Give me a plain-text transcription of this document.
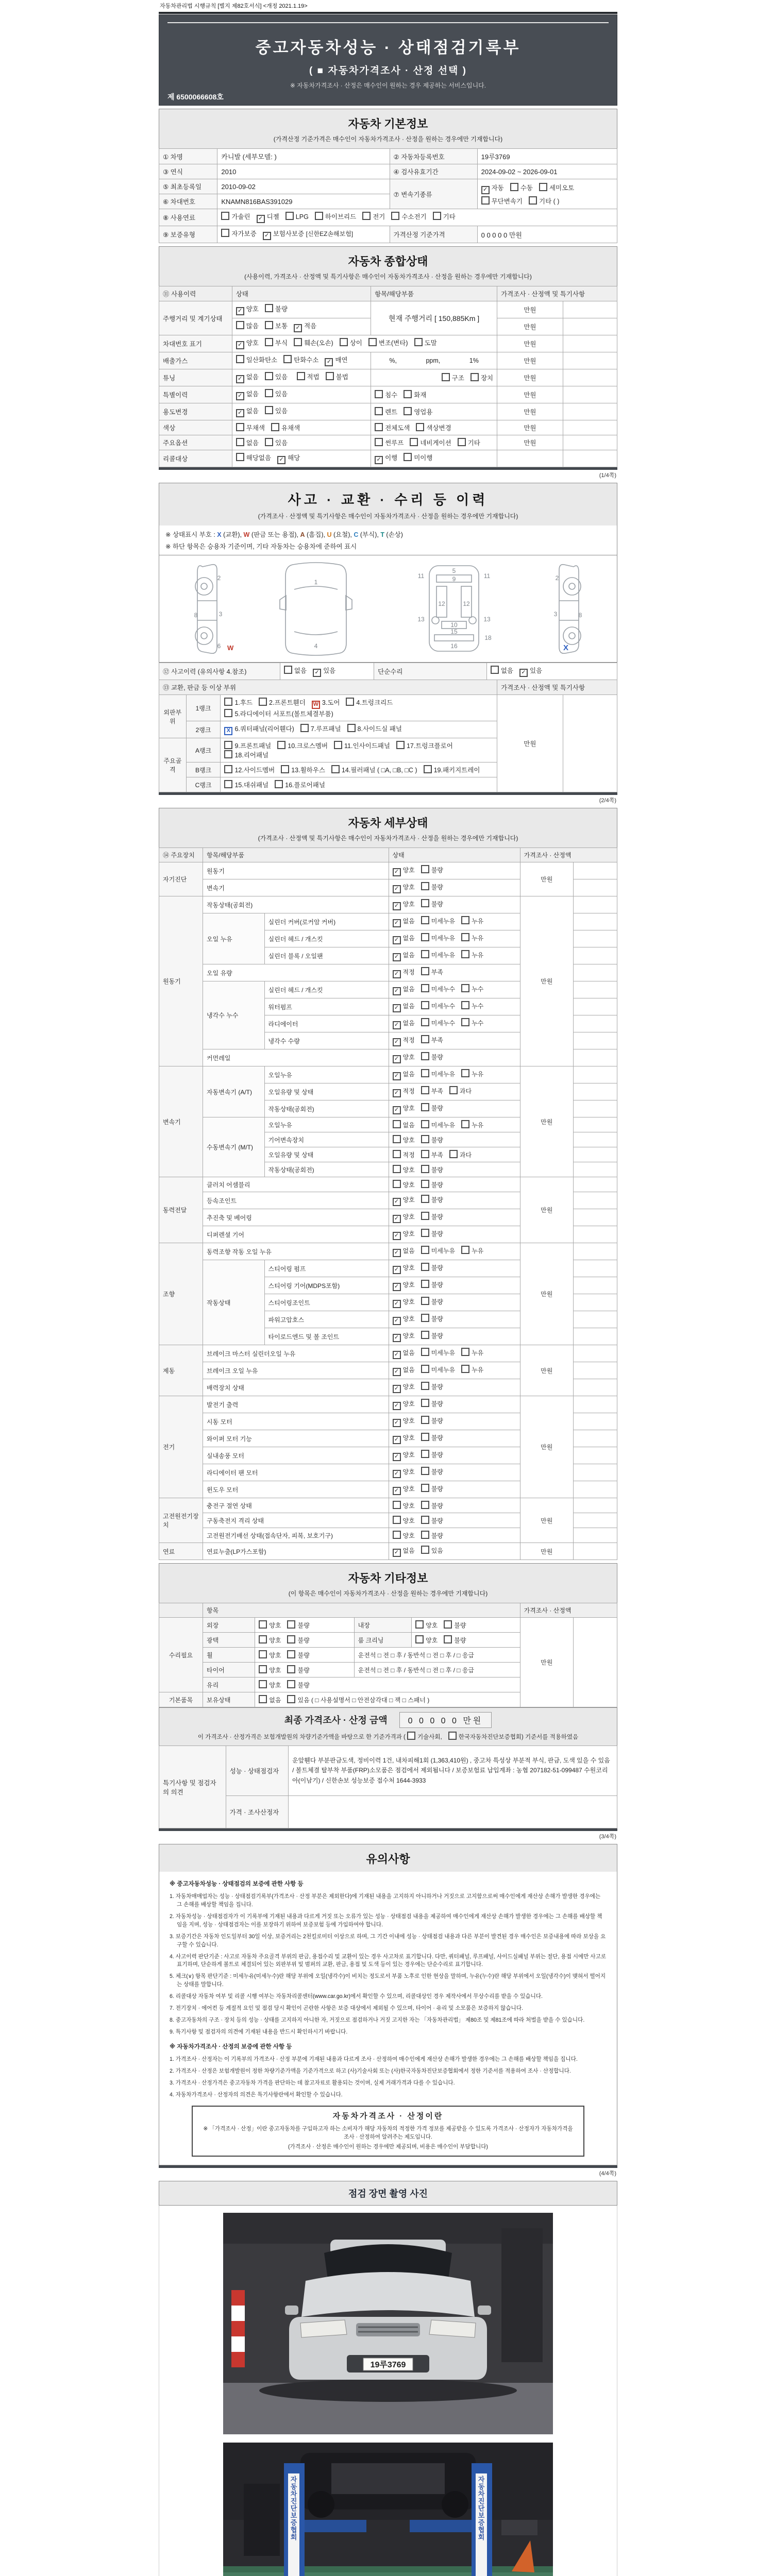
자동차관리법 시행규칙 [별지 제82호서식] <개정 2021.1.19>
중고자동차성능 · 상태점검기록부
( ■ 자동차가격조사 · 산정 선택 )
※ 자동차가격조사 · 산정은 매수인이 원하는 경우 제공하는 서비스입니다.
제 6500066608호
자동차 기본정보
(가격산정 기준가격은 매수인이 자동차가격조사 · 산정을 원하는 경우에만 기재합니다)
① 차명	카니발 (세부모델: )	② 자동차등록번호	19루3769
③ 연식	2010	④ 검사유효기간	2024-09-02 ~ 2026-09-01
⑤ 최초등록일	2010-09-02	⑦ 변속기종류	✓ 자동 수동 세미오토
무단변속기 기타 ( )

⑥ 차대번호	KNAMN816BAS391029		
⑧ 사용연료	가솔린 ✓ 디젤 LPG 하이브리드 전기 수소전기 기타		
⑨ 보증유형	자가보증 ✓ 보험사보증 [신한EZ손해보험]	가격산정 기준가격	0 0 0 0 0 만원
자동차 종합상태
(사용이력, 가격조사 · 산정액 및 특기사항은 매수인이 자동차가격조사 · 산정을 원하는 경우에만 기재합니다)
⑪ 사용이력	상태	항목/해당부품	가격조사 · 산정액 및 특기사항	
주행거리 및 계기상태	✓ 양호 불량	현재 주행거리 [ 150,885Km ]	만원	
	많음 보통 ✓ 적음		만원	
차대번호 표기	✓ 양호 부식 훼손(오손) 상이 변조(변타) 도말		만원	
배출가스	일산화탄소 탄화수소 ✓ 매연	%, ppm, 1%	만원	
튜닝	✓ 없음 있음 적법 불법	구조 장치	만원	
특별이력	✓ 없음 있음	침수 화재	만원	
용도변경	✓ 없음 있음	렌트 영업용	만원	
색상	무채색 유채색	전체도색 색상변경	만원	
주요옵션	없음 있음	썬루프 네비게이션 기타	만원	
리콜대상	해당없음 ✓ 해당	✓ 이행 미이행		
(1/4쪽)
사고 · 교환 · 수리 등 이력
(가격조사 · 산정액 및 특기사항은 매수인이 자동차가격조사 · 산정을 원하는 경우에만 기재합니다)
※ 상태표시 부호 : X (교환), W (판금 또는 용접), A (흠집), U (요철), C (부식), T (손상)
※ 하단 항목은 승용차 기준이며, 기타 자동차는 승용차에 준하여 표시
2
3
8
6
1
4
5
9
11	11
12	12
13	13
10
15
16
18
2
3	8
X
W
⑫ 사고이력 (유의사항 4.참조)	없음 ✓ 있음	단순수리	없음 ✓ 있음
⑬ 교환, 판금 등 이상 부위			가격조사 · 산정액 및 특기사항	
외판부위	1랭크	1.후드 2.프론트휀더 W 3.도어 4.트렁크리드5.라디에이터 서포트(볼트체결부품)	만원	
	2랭크	X 6.쿼터패널(리어휀다) 7.루프패널 8.사이드실 패널		
주요골격	A랭크	9.프론트패널 10.크로스멤버 11.인사이드패널 17.트렁크플로어18.리어패널		
	B랭크	12.사이드멤버 13.휠하우스 14.필러패널 ( □A, □B, □C ) 19.패키지트레이		
	C랭크	15.대쉬패널 16.플로어패널		
(2/4쪽)
자동차 세부상태
(가격조사 · 산정액 및 특기사항은 매수인이 자동차가격조사 · 산정을 원하는 경우에만 기재합니다)
⑭ 주요장치	항목/해당부품		상태	가격조사 · 산정액	
자기진단	원동기		✓ 양호 불량	만원	
	변속기		✓ 양호 불량		
원동기	작동상태(공회전)		✓ 양호 불량	만원	
	오일 누유	실린더 커버(로커암 커버)	✓ 없음 미세누유 누유		
		실린더 헤드 / 개스킷	✓ 없음 미세누유 누유		
		실린더 블록 / 오일팬	✓ 없음 미세누유 누유		
	오일 유량		✓ 적정 부족		
	냉각수 누수	실린더 헤드 / 개스킷	✓ 없음 미세누수 누수		
		워터펌프	✓ 없음 미세누수 누수		
		라디에이터	✓ 없음 미세누수 누수		
		냉각수 수량	✓ 적정 부족		
	커먼레일		✓ 양호 불량		
변속기	자동변속기 (A/T)	오일누유	✓ 없음 미세누유 누유	만원	
		오일유량 및 상태	✓ 적정 부족 과다		
		작동상태(공회전)	✓ 양호 불량		
	수동변속기 (M/T)	오일누유	없음 미세누유 누유		
		기어변속장치	양호 불량		
		오일유량 및 상태	적정 부족 과다		
		작동상태(공회전)	양호 불량		
동력전달	클러치 어셈블리		양호 불량	만원	
	등속조인트		✓ 양호 불량		
	추진축 및 베어링		✓ 양호 불량		
	디퍼렌셜 기어		✓ 양호 불량		
조향	동력조향 작동 오일 누유		✓ 없음 미세누유 누유	만원	
	작동상태	스티어링 펌프	✓ 양호 불량		
		스티어링 기어(MDPS포함)	✓ 양호 불량		
		스티어링조인트	✓ 양호 불량		
		파워고압호스	✓ 양호 불량		
		타이로드엔드 및 볼 조인트	✓ 양호 불량		
제동	브레이크 마스터 실린더오일 누유		✓ 없음 미세누유 누유	만원	
	브레이크 오일 누유		✓ 없음 미세누유 누유		
	배력장치 상태		✓ 양호 불량		
전기	발전기 출력		✓ 양호 불량	만원	
	시동 모터		✓ 양호 불량		
	와이퍼 모터 기능		✓ 양호 불량		
	실내송풍 모터		✓ 양호 불량		
	라디에이터 팬 모터		✓ 양호 불량		
	윈도우 모터		✓ 양호 불량		
고전원전기장치	충전구 절연 상태		양호 불량	만원	
	구동축전지 격리 상태		양호 불량		
	고전원전기배선 상태(접속단자, 피복, 보호기구)		양호 불량		
연료	연료누출(LP가스포함)		✓ 없음 있음	만원	
자동차 기타정보
(이 항목은 매수인이 자동차가격조사 · 산정을 원하는 경우에만 기재합니다)
	항목				가격조사 · 산정액	
수리필요	외장	양호 불량	내장	양호 불량	만원	
	광택	양호 불량	룸 크리닝	양호 불량		
	휠	양호 불량	운전석 □ 전 □ 후 / 동반석 □ 전 □ 후 / □ 응급			
	타이어	양호 불량	운전석 □ 전 □ 후 / 동반석 □ 전 □ 후 / □ 응급			
	유리	양호 불량				
기본품목	보유상태	없음 있음 ( □ 사용설명서 □ 안전삼각대 □ 잭 □ 스패너 )				
최종 가격조사 · 산정 금액	0 0 0 0 0 만원
이 가격조사 · 산정가격은 보험개발원의 차량기준가액을 바탕으로 한 기준가격과 ( 기술사회,	한국자동차진단보증협회) 기준서를 적용하였음
특기사항 및 점검자의 의견	성능 · 상태점검자	운앞휀다 부분판금도색, 정비이력 1건, 내차피해1회 (1,363,410원) , 중고차 특성상 부분적 부식, 판금, 도색 있을 수 있음 / 볼트체결 탈부착 부품(FRP)소모품은 점검에서 제외됩니다 / 보증보험료 납입계좌 : 농협 207182-51-099487 수원코리아(이남기) / 신한손보 성능보증 접수처 1644-3933
	가격 · 조사산정자	
(3/4쪽)
유의사항
※ 중고자동차성능 · 상태점검의 보증에 관한 사항 등
1. 자동차매매업자는 성능 · 상태점검기록부(가격조사 · 산정 부분은 제외한다)에 기재된 내용을 고지하지 아니하거나 거짓으로 고지함으로써 매수인에게 재산상 손해가 발생한 경우에는 그 손해를 배상할 책임을 집니다.
2. 자동차성능 · 상태점검자가 이 기록부에 기재된 내용과 다르게 거짓 또는 오류가 있는 성능 · 상태점검 내용을 제공하여 매수인에게 재산상 손해가 발생한 경우에는 그 손해를 배상할 책임을 지며, 성능 · 상태점검자는 이를 보장하기 위하여 보증보험 등에 가입하여야 합니다.
3. 보증기간은 자동차 인도일부터 30일 이상, 보증거리는 2천킬로미터 이상으로 하며, 그 기간 이내에 성능 · 상태점검 내용과 다른 부분이 발견된 경우 매수인은 보증내용에 따라 보상을 요구할 수 있습니다.
4. 사고이력 판단기준 : 사고로 자동차 주요골격 부위의 판금, 용접수리 및 교환이 있는 경우 사고차로 표기합니다. 다만, 쿼터패널, 루프패널, 사이드실패널 부위는 절단, 용접 시에만 사고로 표기하며, 단순하게 볼트로 체결되어 있는 외판부위 및 범퍼의 교환, 판금, 용접 및 도색 등이 있는 경우에는 단순수리로 표기합니다.
5. 체크(∨) 항목 판단기준 : 미세누유(미세누수)란 해당 부위에 오일(냉각수)이 비치는 정도로서 부품 노후로 인한 현상을 말하며, 누유(누수)란 해당 부위에서 오일(냉각수)이 맺혀서 떨어지는 상태를 말합니다.
6. 리콜대상 자동차 여부 및 리콜 시행 여부는 자동차리콜센터(www.car.go.kr)에서 확인할 수 있으며, 리콜대상인 경우 제작사에서 무상수리를 받을 수 있습니다.
7. 전기장치 · 에어컨 등 계절적 요인 및 점검 당시 확인이 곤란한 사항은 보증 대상에서 제외될 수 있으며, 타이어 · 유리 및 소모품은 보증하지 않습니다.
8. 중고자동차의 구조 · 장치 등의 성능 · 상태를 고지하지 아니한 자, 거짓으로 점검하거나 거짓 고지한 자는 「자동차관리법」 제80조 및 제81조에 따라 처벌을 받을 수 있습니다.
9. 특기사항 및 점검자의 의견에 기재된 내용을 반드시 확인하시기 바랍니다.
※ 자동차가격조사 · 산정의 보증에 관한 사항 등
1. 가격조사 · 산정자는 이 기록부의 가격조사 · 산정 부분에 기재된 내용과 다르게 조사 · 산정하여 매수인에게 재산상 손해가 발생한 경우에는 그 손해를 배상할 책임을 집니다.
2. 가격조사 · 산정은 보험개발원이 정한 차량기준가액을 기준가격으로 하고 (사)기술사회 또는 (사)한국자동차진단보증협회에서 정한 기준서를 적용하여 조사 · 산정합니다.
3. 가격조사 · 산정가격은 중고자동차 가격을 판단하는 데 참고자료로 활용되는 것이며, 실제 거래가격과 다를 수 있습니다.
4. 자동차가격조사 · 산정자의 의견은 특기사항란에서 확인할 수 있습니다.
자동차가격조사 · 산정이란
※ 「가격조사 · 산정」이란 중고자동차를 구입하고자 하는 소비자가 해당 자동차의 적정한 가격 정보를 제공받을 수 있도록 가격조사 · 산정자가 자동차가격을 조사 · 산정하여 알려주는 제도입니다.
(가격조사 · 산정은 매수인이 원하는 경우에만 제공되며, 비용은 매수인이 부담합니다)
(4/4쪽)
점검 장면 촬영 사진
19루3769
자 동 차 진 단 보 증 협 회
자 동 차 진 단 보 증 협 회
